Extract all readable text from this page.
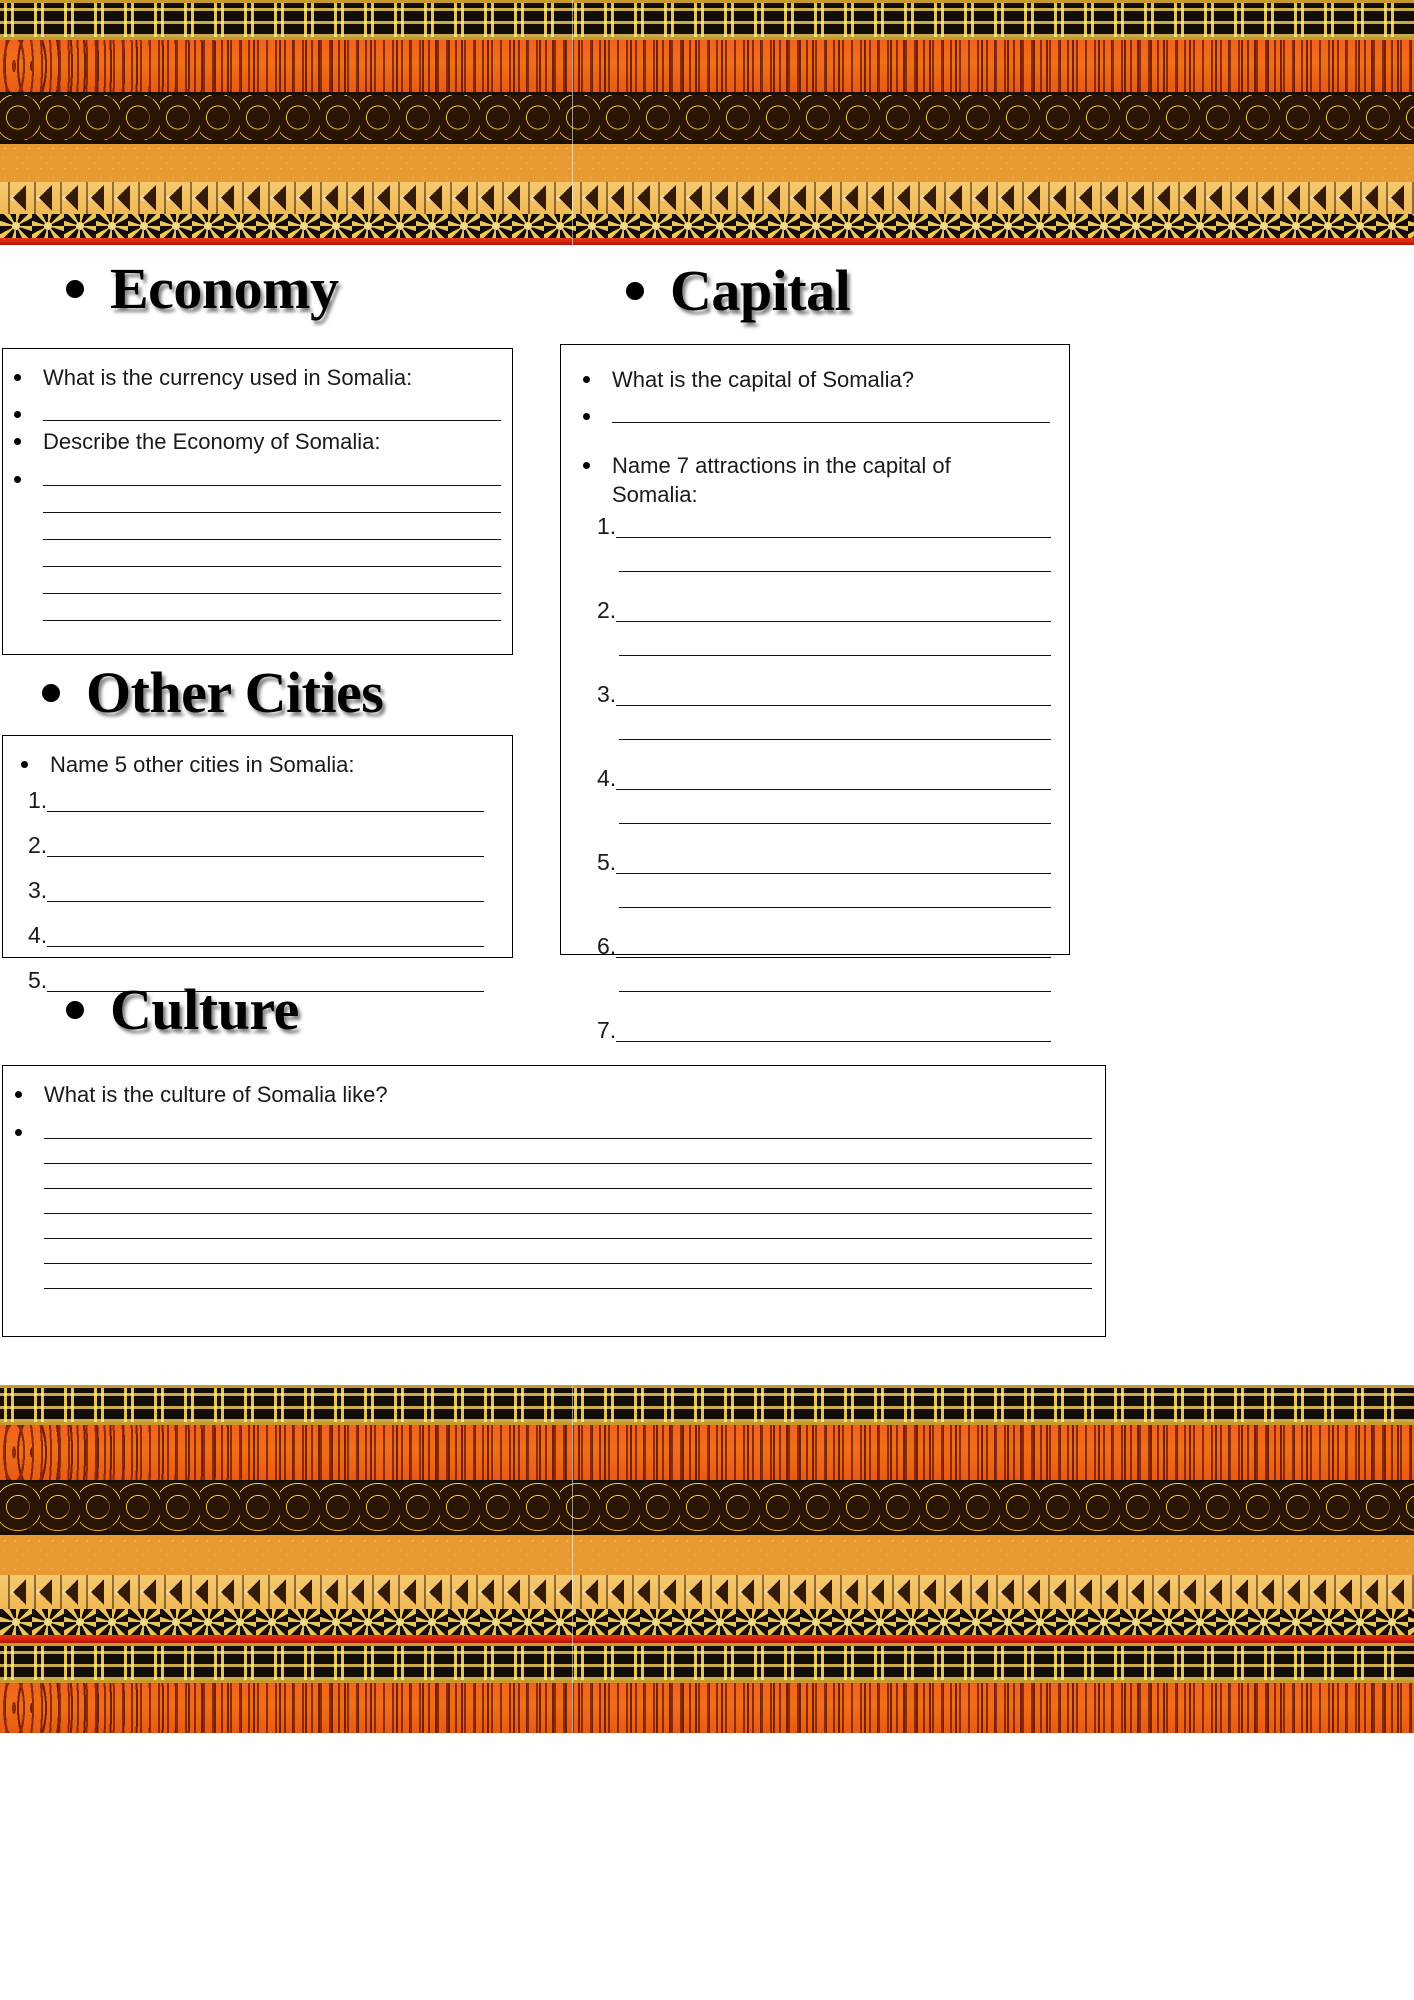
Economy
What is the currency used in Somalia:
Describe the Economy of Somalia:
Capital
What is the capital of Somalia?
Name 7 attractions in the capital of Somalia:
1.
2.
3.
4.
5.
6.
7.
Other Cities
Name 5 other cities in Somalia:
1.
2.
3.
4.
5. Culture
What is the culture of Somalia like?
